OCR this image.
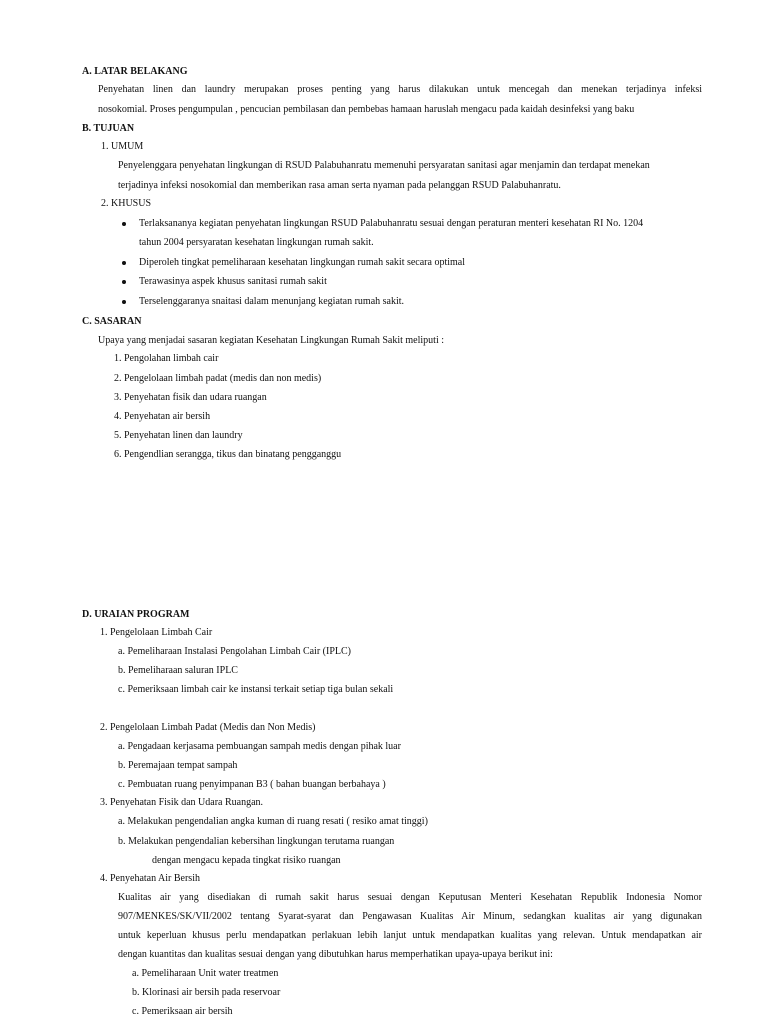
A. LATAR BELAKANG
Penyehatan linen dan laundry merupakan proses penting yang harus dilakukan untuk mencegah dan menekan terjadinya infeksi
nosokomial. Proses pengumpulan , pencucian pembilasan dan pembebas hamaan haruslah mengacu pada kaidah desinfeksi yang baku
B. TUJUAN
1. UMUM
Penyelenggara penyehatan lingkungan di RSUD Palabuhanratu memenuhi persyaratan sanitasi agar menjamin dan terdapat menekan
terjadinya infeksi nosokomial dan memberikan rasa aman serta nyaman pada pelanggan RSUD Palabuhanratu.
2. KHUSUS
Terlaksananya kegiatan penyehatan lingkungan RSUD Palabuhanratu sesuai dengan peraturan menteri kesehatan RI No. 1204
tahun 2004 persyaratan kesehatan lingkungan rumah sakit.
Diperoleh tingkat pemeliharaan kesehatan lingkungan rumah sakit secara optimal
Terawasinya aspek khusus sanitasi rumah sakit
Terselenggaranya snaitasi dalam menunjang kegiatan rumah sakit.
C. SASARAN
Upaya yang menjadai sasaran kegiatan Kesehatan Lingkungan Rumah Sakit meliputi :
1. Pengolahan limbah cair
2. Pengelolaan limbah padat (medis dan non medis)
3. Penyehatan fisik dan udara ruangan
4. Penyehatan air bersih
5. Penyehatan linen dan laundry
6. Pengendlian serangga, tikus dan binatang pengganggu
D. URAIAN PROGRAM
1. Pengelolaan Limbah Cair
a. Pemeliharaan Instalasi Pengolahan Limbah Cair (IPLC)
b. Pemeliharaan saluran IPLC
c. Pemeriksaan limbah cair ke instansi terkait setiap tiga bulan sekali
2. Pengelolaan Limbah Padat (Medis dan Non Medis)
a. Pengadaan kerjasama pembuangan sampah medis dengan pihak luar
b. Peremajaan tempat sampah
c. Pembuatan ruang penyimpanan B3 ( bahan buangan berbahaya )
3. Penyehatan Fisik dan Udara Ruangan.
a. Melakukan pengendalian angka kuman di ruang resati ( resiko amat tinggi)
b. Melakukan pengendalian kebersihan lingkungan terutama ruangan
dengan mengacu kepada tingkat risiko ruangan
4. Penyehatan Air Bersih
Kualitas air yang disediakan di rumah sakit harus sesuai dengan Keputusan Menteri Kesehatan Republik Indonesia Nomor
907/MENKES/SK/VII/2002 tentang Syarat-syarat dan Pengawasan Kualitas Air Minum, sedangkan kualitas air yang digunakan
untuk keperluan khusus perlu mendapatkan perlakuan lebih lanjut untuk mendapatkan kualitas yang relevan. Untuk mendapatkan air
dengan kuantitas dan kualitas sesuai dengan yang dibutuhkan harus memperhatikan upaya-upaya berikut ini:
a. Pemeliharaan Unit water treatmen
b. Klorinasi air bersih pada reservoar
c. Pemeriksaan air bersih
